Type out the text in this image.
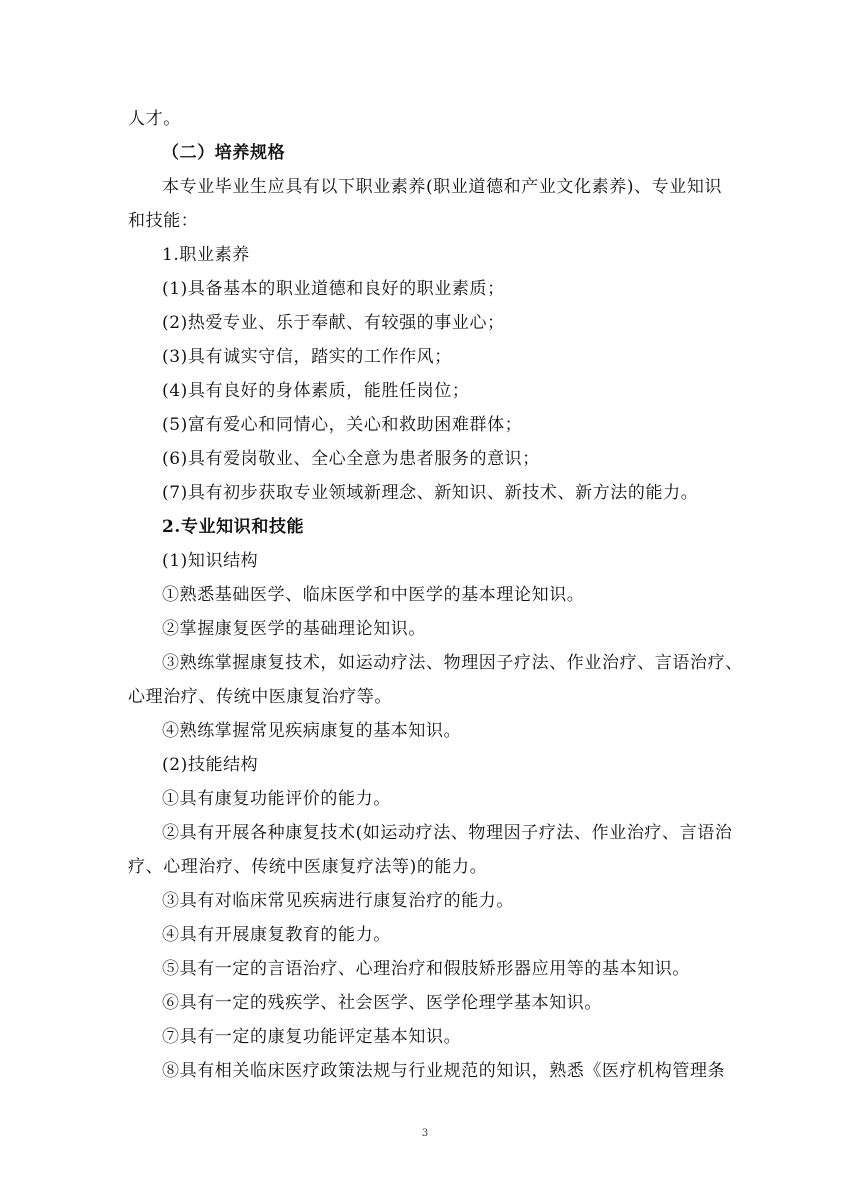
人才。
（二）培养规格
本专业毕业生应具有以下职业素养(职业道德和产业文化素养)、专业知识
和技能：
1.职业素养
(1)具备基本的职业道德和良好的职业素质；
(2)热爱专业、乐于奉献、有较强的事业心；
(3)具有诚实守信，踏实的工作作风；
(4)具有良好的身体素质，能胜任岗位；
(5)富有爱心和同情心，关心和救助困难群体；
(6)具有爱岗敬业、全心全意为患者服务的意识；
(7)具有初步获取专业领域新理念、新知识、新技术、新方法的能力。
2.专业知识和技能
(1)知识结构
①熟悉基础医学、临床医学和中医学的基本理论知识。
②掌握康复医学的基础理论知识。
③熟练掌握康复技术，如运动疗法、物理因子疗法、作业治疗、言语治疗、
心理治疗、传统中医康复治疗等。
④熟练掌握常见疾病康复的基本知识。
(2)技能结构
①具有康复功能评价的能力。
②具有开展各种康复技术(如运动疗法、物理因子疗法、作业治疗、言语治
疗、心理治疗、传统中医康复疗法等)的能力。
③具有对临床常见疾病进行康复治疗的能力。
④具有开展康复教育的能力。
⑤具有一定的言语治疗、心理治疗和假肢矫形器应用等的基本知识。
⑥具有一定的残疾学、社会医学、医学伦理学基本知识。
⑦具有一定的康复功能评定基本知识。
⑧具有相关临床医疗政策法规与行业规范的知识，熟悉《医疗机构管理条
3
